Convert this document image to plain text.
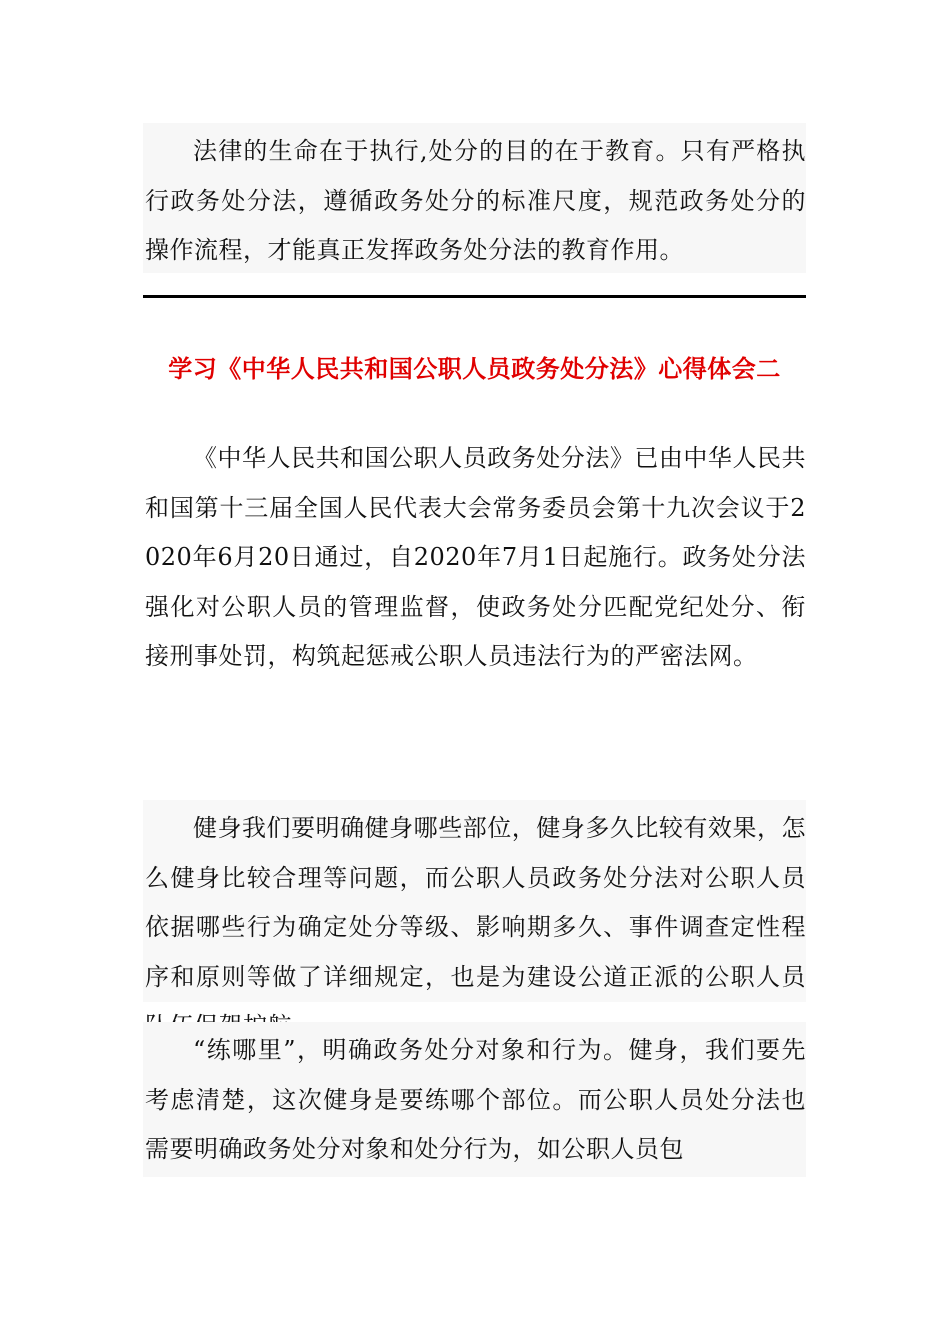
法律的生命在于执行,处分的目的在于教育。只有严格执行政务处分法，遵循政务处分的标准尺度，规范政务处分的操作流程，才能真正发挥政务处分法的教育作用。

学习《中华人民共和国公职人员政务处分法》心得体会二

《中华人民共和国公职人员政务处分法》已由中华人民共和国第十三届全国人民代表大会常务委员会第十九次会议于2020年6月20日通过，自2020年7月1日起施行。政务处分法强化对公职人员的管理监督，使政务处分匹配党纪处分、衔接刑事处罚，构筑起惩戒公职人员违法行为的严密法网。

健身我们要明确健身哪些部位，健身多久比较有效果，怎么健身比较合理等问题，而公职人员政务处分法对公职人员依据哪些行为确定处分等级、影响期多久、事件调查定性程序和原则等做了详细规定，也是为建设公道正派的公职人员

“练哪里”，明确政务处分对象和行为。健身，我们要先考虑清楚，这次健身是要练哪个部位。而公职人员处分法也需要明确政务处分对象和处分行为，如公职人员包
